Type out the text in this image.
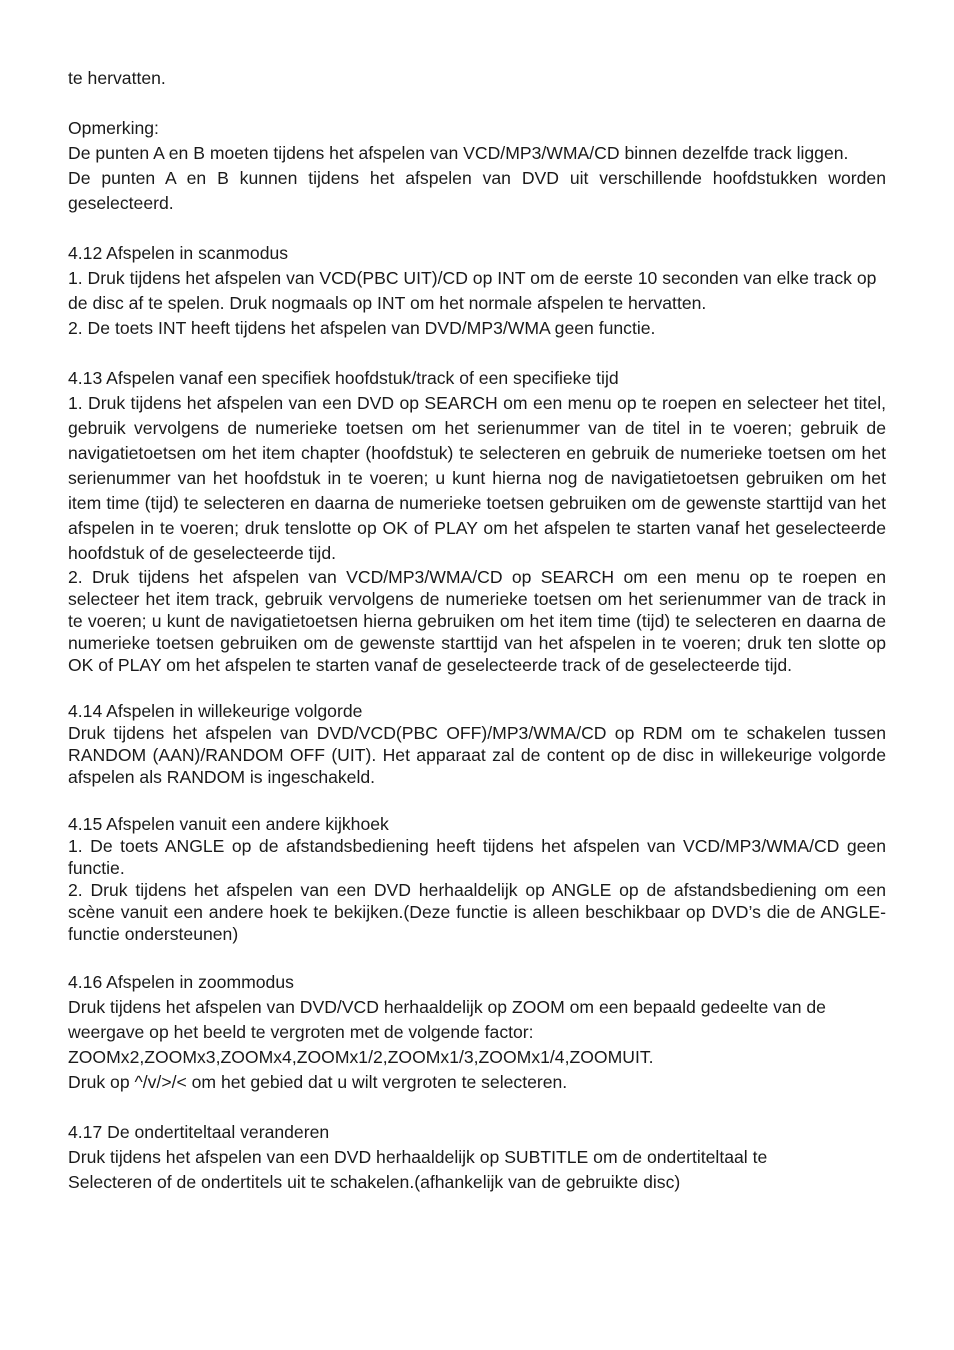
te hervatten.

Opmerking:

De punten A en B moeten tijdens het afspelen van VCD/MP3/WMA/CD binnen dezelfde track liggen.

De punten A en B kunnen tijdens het afspelen van DVD uit verschillende hoofdstukken worden geselecteerd.

4.12 Afspelen in scanmodus

1. Druk tijdens het afspelen van VCD(PBC UIT)/CD op INT om de eerste 10 seconden van elke track op de disc af te spelen. Druk nogmaals op INT om het normale afspelen te hervatten.

2. De toets INT heeft tijdens het afspelen van DVD/MP3/WMA geen functie.

4.13 Afspelen vanaf een specifiek hoofdstuk/track of een specifieke tijd

1. Druk tijdens het afspelen van een DVD op SEARCH om een menu op te roepen en selecteer het titel, gebruik vervolgens de numerieke toetsen om het serienummer van de titel in te voeren; gebruik de navigatietoetsen om het item chapter (hoofdstuk) te selecteren en gebruik de numerieke toetsen om het serienummer van het hoofdstuk in te voeren; u kunt hierna nog de navigatietoetsen gebruiken om het item time (tijd) te selecteren en daarna de numerieke toetsen gebruiken om de gewenste starttijd van het afspelen in te voeren; druk tenslotte op OK of PLAY om het afspelen te starten vanaf het geselecteerde hoofdstuk of de geselecteerde tijd.

2. Druk tijdens het afspelen van VCD/MP3/WMA/CD op SEARCH om een menu op te roepen en selecteer het item track, gebruik vervolgens de numerieke toetsen om het serienummer van de track in te voeren; u kunt de navigatietoetsen hierna gebruiken om het item time (tijd) te selecteren en daarna de numerieke toetsen gebruiken om de gewenste starttijd van het afspelen in te voeren; druk ten slotte op OK of PLAY om het afspelen te starten vanaf de geselecteerde track of de geselecteerde tijd.

4.14 Afspelen in willekeurige volgorde

Druk tijdens het afspelen van DVD/VCD(PBC OFF)/MP3/WMA/CD op RDM om te schakelen tussen RANDOM (AAN)/RANDOM OFF (UIT). Het apparaat zal de content op de disc in willekeurige volgorde afspelen als RANDOM is ingeschakeld.

4.15 Afspelen vanuit een andere kijkhoek

1. De toets ANGLE op de afstandsbediening heeft tijdens het afspelen van VCD/MP3/WMA/CD geen functie.

2. Druk tijdens het afspelen van een DVD herhaaldelijk op ANGLE op de afstandsbediening om een scène vanuit een andere hoek te bekijken.(Deze functie is alleen beschikbaar op DVD’s die de ANGLE-functie ondersteunen)

4.16 Afspelen in zoommodus

Druk tijdens het afspelen van DVD/VCD herhaaldelijk op ZOOM om een bepaald gedeelte van de weergave op het beeld te vergroten met de volgende factor:

ZOOMx2,ZOOMx3,ZOOMx4,ZOOMx1/2,ZOOMx1/3,ZOOMx1/4,ZOOMUIT.

Druk op ^/v/>/< om het gebied dat u wilt vergroten te selecteren.

4.17 De ondertiteltaal veranderen

Druk tijdens het afspelen van een DVD herhaaldelijk op SUBTITLE om de ondertiteltaal te

Selecteren of de ondertitels uit te schakelen.(afhankelijk van de gebruikte disc)
